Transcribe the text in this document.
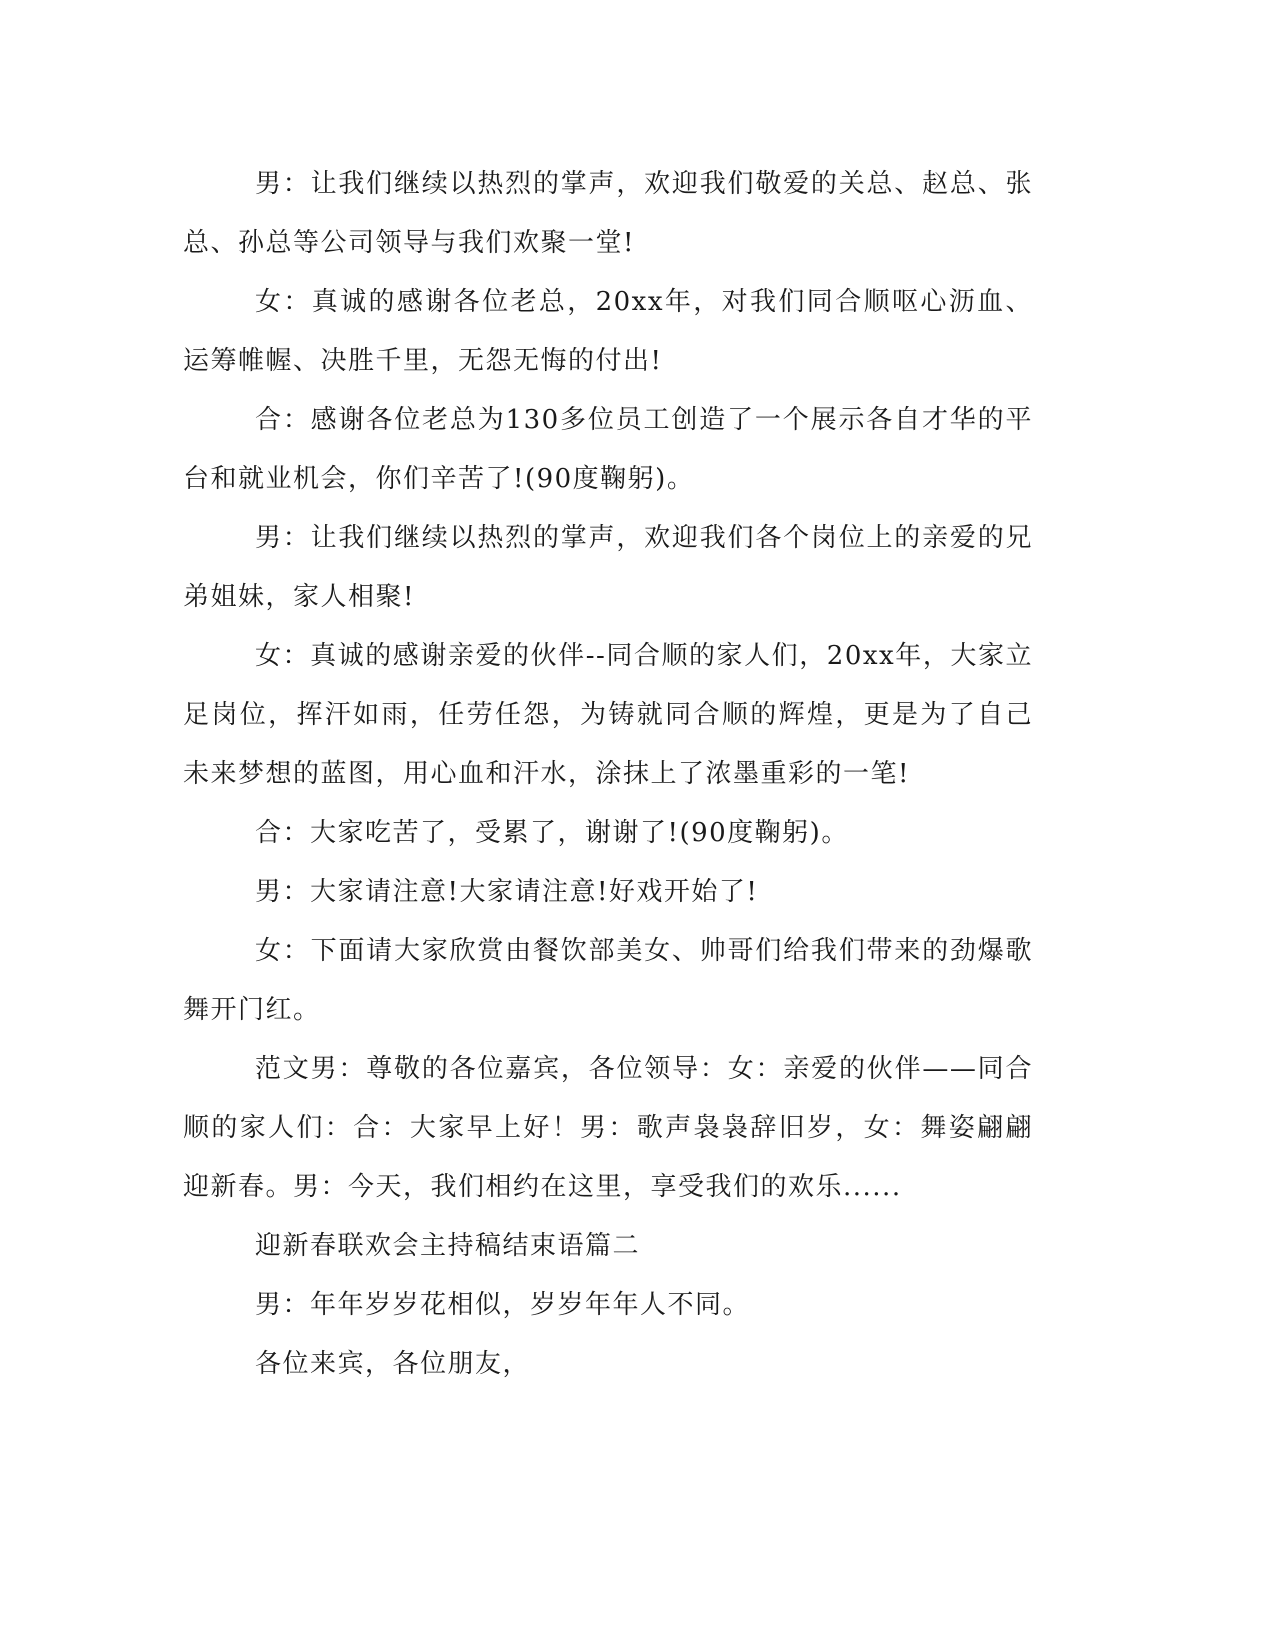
男：让我们继续以热烈的掌声，欢迎我们敬爱的关总、赵总、张总、孙总等公司领导与我们欢聚一堂!

女：真诚的感谢各位老总，20xx年，对我们同合顺呕心沥血、运筹帷幄、决胜千里，无怨无悔的付出!

合：感谢各位老总为130多位员工创造了一个展示各自才华的平台和就业机会，你们辛苦了!(90度鞠躬)。

男：让我们继续以热烈的掌声，欢迎我们各个岗位上的亲爱的兄弟姐妹，家人相聚!

女：真诚的感谢亲爱的伙伴--同合顺的家人们，20xx年，大家立足岗位，挥汗如雨，任劳任怨，为铸就同合顺的辉煌，更是为了自己未来梦想的蓝图，用心血和汗水，涂抹上了浓墨重彩的一笔!

合：大家吃苦了，受累了，谢谢了!(90度鞠躬)。

男：大家请注意!大家请注意!好戏开始了!

女：下面请大家欣赏由餐饮部美女、帅哥们给我们带来的劲爆歌舞开门红。

范文男：尊敬的各位嘉宾，各位领导：女：亲爱的伙伴——同合顺的家人们：合：大家早上好！男：歌声袅袅辞旧岁，女：舞姿翩翩迎新春。男：今天，我们相约在这里，享受我们的欢乐......

迎新春联欢会主持稿结束语篇二

男：年年岁岁花相似，岁岁年年人不同。

各位来宾，各位朋友，
